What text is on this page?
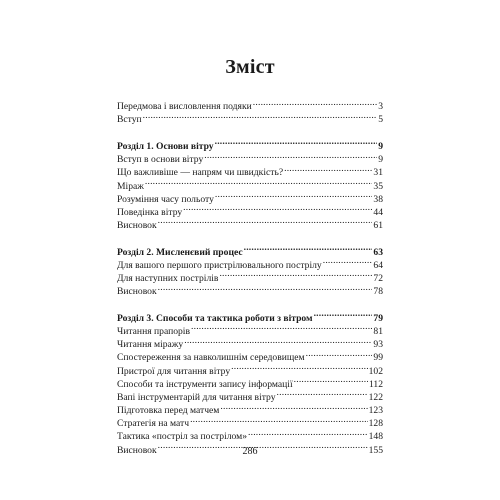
Зміст
Передмова і висловлення подяки .....	3
Вступ .....	5
Розділ 1. Основи вітру .....	9
Вступ в основи вітру .....	9
Що важливіше — напрям чи швидкість? .....	31
Міраж .....	35
Розуміння часу польоту .....	38
Поведінка вітру .....	44
Висновок .....	61
Розділ 2. Мисленєвий процес .....	63
Для вашого першого пристрілювального пострілу .....	64
Для наступних пострілів .....	72
Висновок .....	78
Розділ 3. Способи та тактика роботи з вітром .....	79
Читання прапорів .....	81
Читання міражу .....	93
Спостереження за навколишнім середовищем .....	99
Пристрої для читання вітру .....	102
Способи та інструменти запису інформації .....	112
Вапі інструментарій для читання вітру .....	122
Підготовка перед матчем .....	123
Стратегія на матч .....	128
Тактика «постріл за пострілом» .....	148
Висновок .....	155
286
